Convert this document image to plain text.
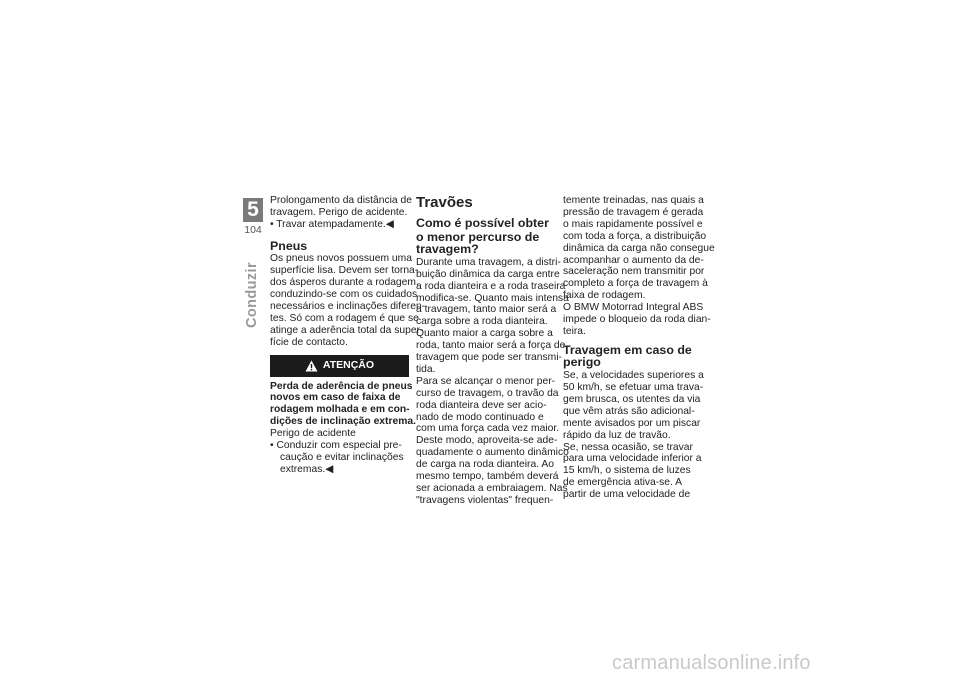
5
104
Conduzir
Prolongamento da distância de
travagem. Perigo de acidente.
• Travar atempadamente.◀
Pneus
Os pneus novos possuem uma
superfície lisa. Devem ser torna-
dos ásperos durante a rodagem,
conduzindo-se com os cuidados
necessários e inclinações diferen-
tes. Só com a rodagem é que se
atinge a aderência total da super-
fície de contacto.
ATENÇÃO
Perda de aderência de pneus
novos em caso de faixa de
rodagem molhada e em con-
dições de inclinação extrema.
Perigo de acidente
• Conduzir com especial pre-
caução e evitar inclinações
extremas.◀
Travões
Como é possível obter
o menor percurso de
travagem?
Durante uma travagem, a distri-
buição dinâmica da carga entre
a roda dianteira e a roda traseira
modifica-se. Quanto mais intensa
a travagem, tanto maior será a
carga sobre a roda dianteira.
Quanto maior a carga sobre a
roda, tanto maior será a força de
travagem que pode ser transmi-
tida.
Para se alcançar o menor per-
curso de travagem, o travão da
roda dianteira deve ser acio-
nado de modo continuado e
com uma força cada vez maior.
Deste modo, aproveita-se ade-
quadamente o aumento dinâmico
de carga na roda dianteira. Ao
mesmo tempo, também deverá
ser acionada a embraiagem. Nas
"travagens violentas" frequen-
temente treinadas, nas quais a
pressão de travagem é gerada
o mais rapidamente possível e
com toda a força, a distribuição
dinâmica da carga não consegue
acompanhar o aumento da de-
saceleração nem transmitir por
completo a força de travagem à
faixa de rodagem.
O BMW Motorrad Integral ABS
impede o bloqueio da roda dian-
teira.
Travagem em caso de
perigo
Se, a velocidades superiores a
50 km/h, se efetuar uma trava-
gem brusca, os utentes da via
que vêm atrás são adicional-
mente avisados por um piscar
rápido da luz de travão.
Se, nessa ocasião, se travar
para uma velocidade inferior a
15 km/h, o sistema de luzes
de emergência ativa-se. A
partir de uma velocidade de
carmanualsonline.info
